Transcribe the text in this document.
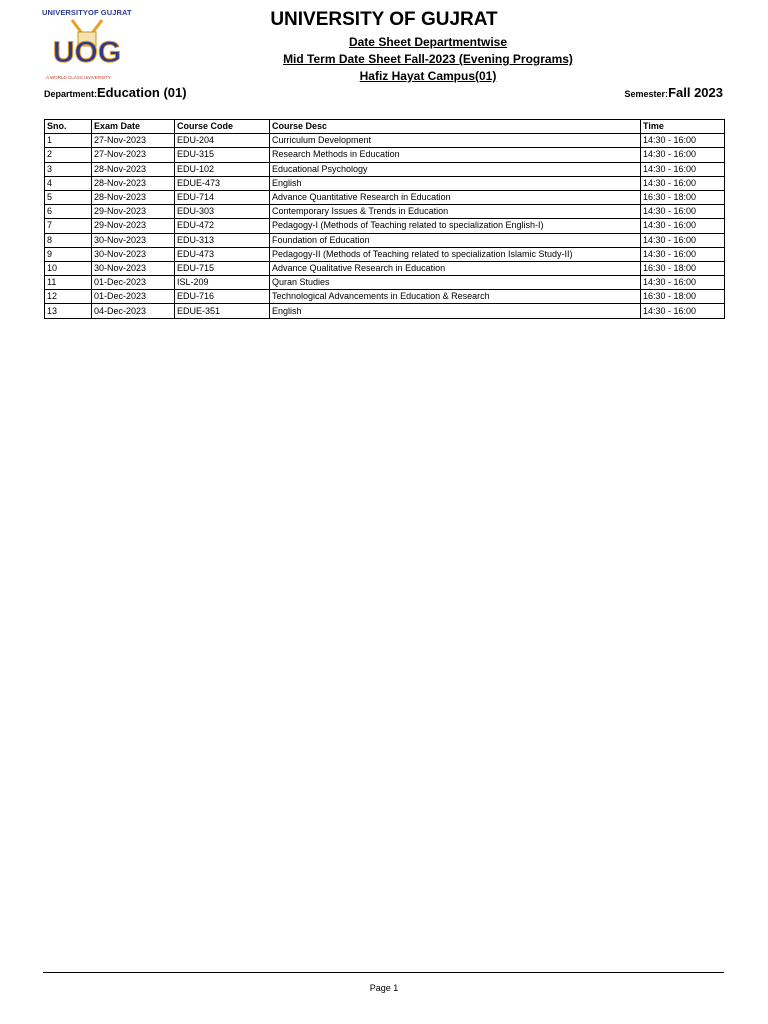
UNIVERSITYOF GUJRAT
UOG
A WORLD CLASS UNIVERSITY
UNIVERSITY OF GUJRAT
Date Sheet Departmentwise
Mid Term Date Sheet Fall-2023 (Evening Programs)
Hafiz Hayat Campus(01)
Department:Education (01)	Semester:Fall 2023
Sno.	Exam Date	Course Code	Course Desc	Time
1	27-Nov-2023	EDU-204	Curriculum Development	14:30 - 16:00
2	27-Nov-2023	EDU-315	Research Methods in Education	14:30 - 16:00
3	28-Nov-2023	EDU-102	Educational Psychology	14:30 - 16:00
4	28-Nov-2023	EDUE-473	English	14:30 - 16:00
5	28-Nov-2023	EDU-714	Advance Quantitative Research in Education	16:30 - 18:00
6	29-Nov-2023	EDU-303	Contemporary Issues & Trends in Education	14:30 - 16:00
7	29-Nov-2023	EDU-472	Pedagogy-I (Methods of Teaching related to specialization English-I)	14:30 - 16:00
8	30-Nov-2023	EDU-313	Foundation of Education	14:30 - 16:00
9	30-Nov-2023	EDU-473	Pedagogy-II (Methods of Teaching related to specialization Islamic Study-II)	14:30 - 16:00
10	30-Nov-2023	EDU-715	Advance Qualitative Research in Education	16:30 - 18:00
11	01-Dec-2023	ISL-209	Quran Studies	14:30 - 16:00
12	01-Dec-2023	EDU-716	Technological Advancements in Education & Research	16:30 - 18:00
13	04-Dec-2023	EDUE-351	English	14:30 - 16:00
Page 1
